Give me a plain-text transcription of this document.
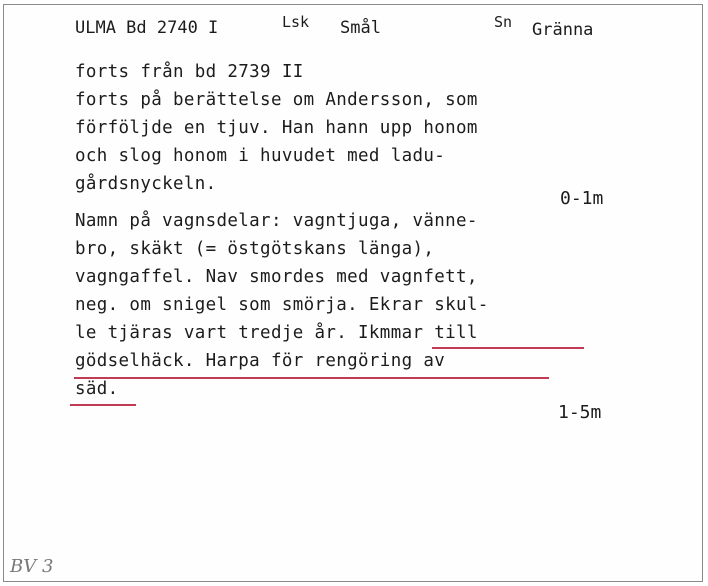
ULMA Bd 2740 I	Lsk Smål	Sn Gränna
forts från bd 2739 II
forts på berättelse om Andersson, som
förföljde en tjuv. Han hann upp honom
och slog honom i huvudet med ladu-
gårdsnyckeln.
0-1m
Namn på vagnsdelar: vagntjuga, vänne-
bro, skäkt (= östgötskans länga),
vagngaffel. Nav smordes med vagnfett,
neg. om snigel som smörja. Ekrar skul-
le tjäras vart tredje år. Ikmmar till
gödselhäck. Harpa för rengöring av
säd.
1-5m
BV 3
